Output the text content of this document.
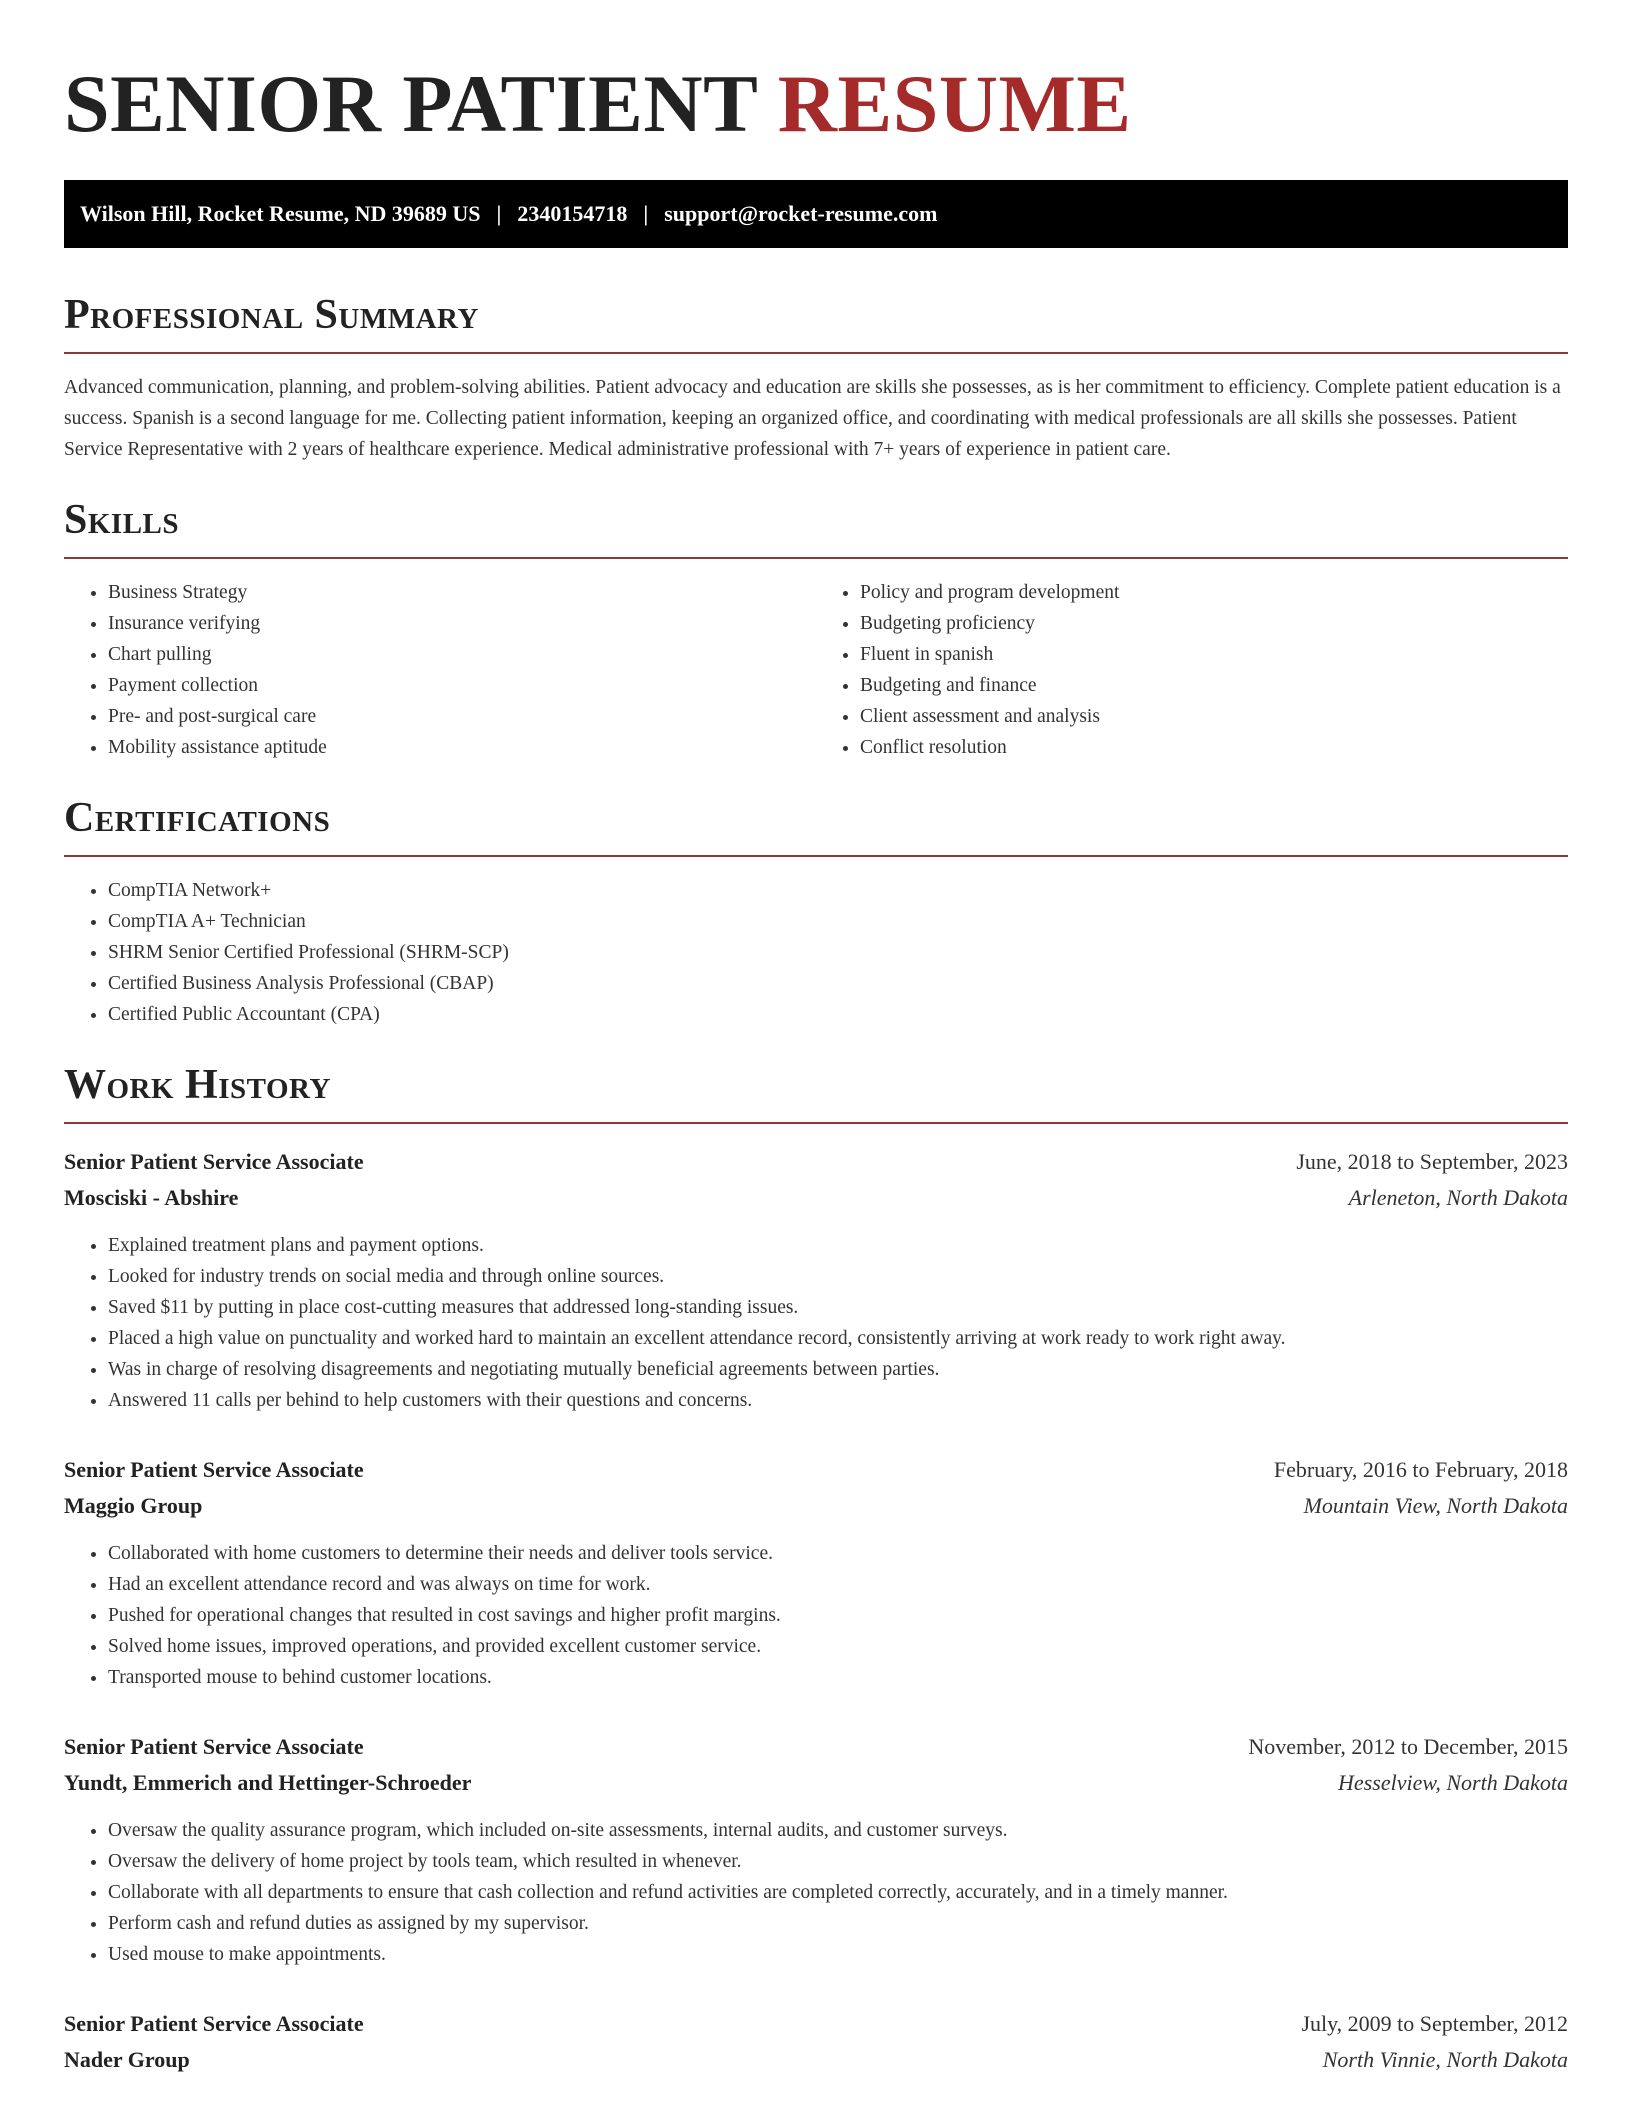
SENIOR PATIENT RESUME
Wilson Hill, Rocket Resume, ND 39689 US | 2340154718 | support@rocket-resume.com
Professional Summary

Advanced communication, planning, and problem-solving abilities. Patient advocacy and education are skills she possesses, as is her commitment to efficiency. Complete patient education is a success. Spanish is a second language for me. Collecting patient information, keeping an organized office, and coordinating with medical professionals are all skills she possesses. Patient Service Representative with 2 years of healthcare experience. Medical administrative professional with 7+ years of experience in patient care.

Skills
• Business Strategy
• Insurance verifying
• Chart pulling
• Payment collection
• Pre- and post-surgical care
• Mobility assistance aptitude
• Policy and program development
• Budgeting proficiency
• Fluent in spanish
• Budgeting and finance
• Client assessment and analysis
• Conflict resolution
Certifications
• CompTIA Network+
• CompTIA A+ Technician
• SHRM Senior Certified Professional (SHRM-SCP)
• Certified Business Analysis Professional (CBAP)
• Certified Public Accountant (CPA)
Work History
Senior Patient Service Associate	June, 2018 to September, 2023
Mosciski - Abshire	Arleneton, North Dakota
• Explained treatment plans and payment options.
• Looked for industry trends on social media and through online sources.
• Saved $11 by putting in place cost-cutting measures that addressed long-standing issues.
• Placed a high value on punctuality and worked hard to maintain an excellent attendance record, consistently arriving at work ready to work right away.
• Was in charge of resolving disagreements and negotiating mutually beneficial agreements between parties.
• Answered 11 calls per behind to help customers with their questions and concerns.
Senior Patient Service Associate	February, 2016 to February, 2018
Maggio Group	Mountain View, North Dakota
• Collaborated with home customers to determine their needs and deliver tools service.
• Had an excellent attendance record and was always on time for work.
• Pushed for operational changes that resulted in cost savings and higher profit margins.
• Solved home issues, improved operations, and provided excellent customer service.
• Transported mouse to behind customer locations.
Senior Patient Service Associate	November, 2012 to December, 2015
Yundt, Emmerich and Hettinger-Schroeder	Hesselview, North Dakota
• Oversaw the quality assurance program, which included on-site assessments, internal audits, and customer surveys.
• Oversaw the delivery of home project by tools team, which resulted in whenever.
• Collaborate with all departments to ensure that cash collection and refund activities are completed correctly, accurately, and in a timely manner.
• Perform cash and refund duties as assigned by my supervisor.
• Used mouse to make appointments.
Senior Patient Service Associate	July, 2009 to September, 2012
Nader Group	North Vinnie, North Dakota
